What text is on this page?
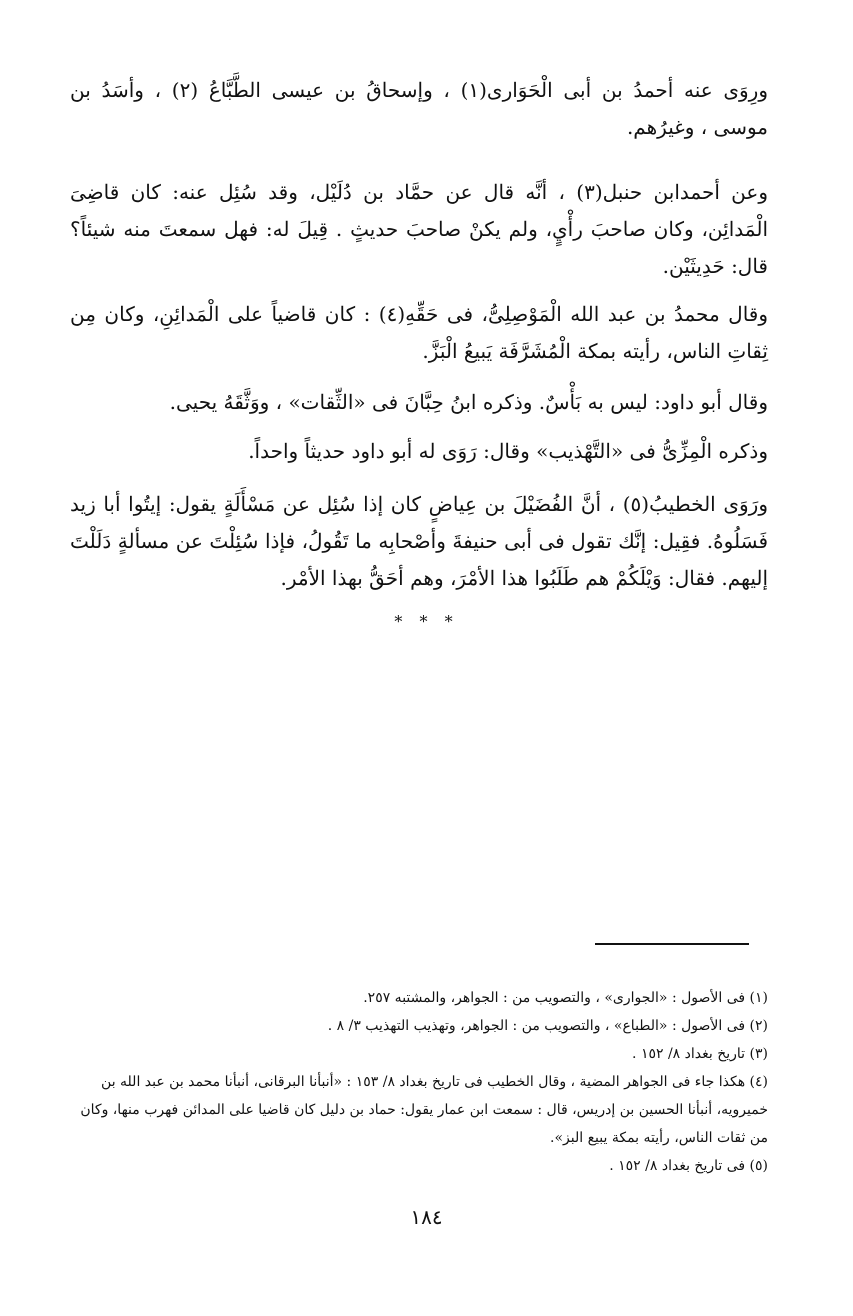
ورِوَى عنه أحمدُ بن أبى الْحَوَارى(١) ، وإسحاقُ بن عيسى الطَّبَّاعُ (٢) ، وأسَدُ بن موسى ، وغيرُهم.

وعن أحمدابن حنبل(٣) ، أنَّه قال عن حمَّاد بن دُلَيْل، وقد سُئِل عنه: كان قاضِىَ الْمَدائِن، وكان صاحبَ رأْيٍ، ولم يكنْ صاحبَ حديثٍ . قِيلَ له: فهل سمعتَ منه شيئاً؟ قال: حَدِيثَيْن.

وقال محمدُ بن عبد الله الْمَوْصِلِىُّ، فى حَقِّهِ(٤) : كان قاضياً على الْمَدائِنِ، وكان مِن ثِقاتِ الناس، رأيته بمكة الْمُشَرَّفَة يَبيعُ الْبَزَّ.

وقال أبو داود: ليس به بَأْسٌ. وذكره ابنُ حِبَّانَ فى «الثِّقات» ، ووَثَّقَهُ يحيى.

وذكره الْمِزِّىُّ فى «التَّهْذيب» وقال: رَوَى له أبو داود حديثاً واحداً.

ورَوَى الخطيبُ(٥) ، أنَّ الفُضَيْلَ بن عِياضٍ كان إذا سُئِل عن مَسْأَلَةٍ يقول: إيتُوا أبا زيد فَسَلُوهُ. فقِيل: إنَّك تقول فى أبى حنيفةَ وأصْحابِه ما تَقُولُ، فإذا سُئِلْتَ عن مسألةٍ دَلَلْتَ إليهم. فقال: وَيْلَكُمْ هم طَلَبُوا هذا الأمْرَ، وهم أحَقُّ بهذا الأمْر.

* * *

(١) فى الأصول : «الجوارى» ، والتصويب من : الجواهر، والمشتبه ٢٥٧.

(٢) فى الأصول : «الطباع» ، والتصويب من : الجواهر، وتهذيب التهذيب ٣/ ٨ .

(٣) تاريخ بغداد ٨/ ١٥٢ .

(٤) هكذا جاء فى الجواهر المضية ، وقال الخطيب فى تاريخ بغداد ٨/ ١٥٣ : «أنبأنا البرقانى، أنبأنا محمد بن عبد الله بن خميرويه، أنبأنا الحسين بن إدريس، قال : سمعت ابن عمار يقول: حماد بن دليل كان قاضيا على المدائن فهرب منها، وكان من ثقات الناس، رأيته بمكة يبيع البز».

(٥) فى تاريخ بغداد ٨/ ١٥٢ .

١٨٤
